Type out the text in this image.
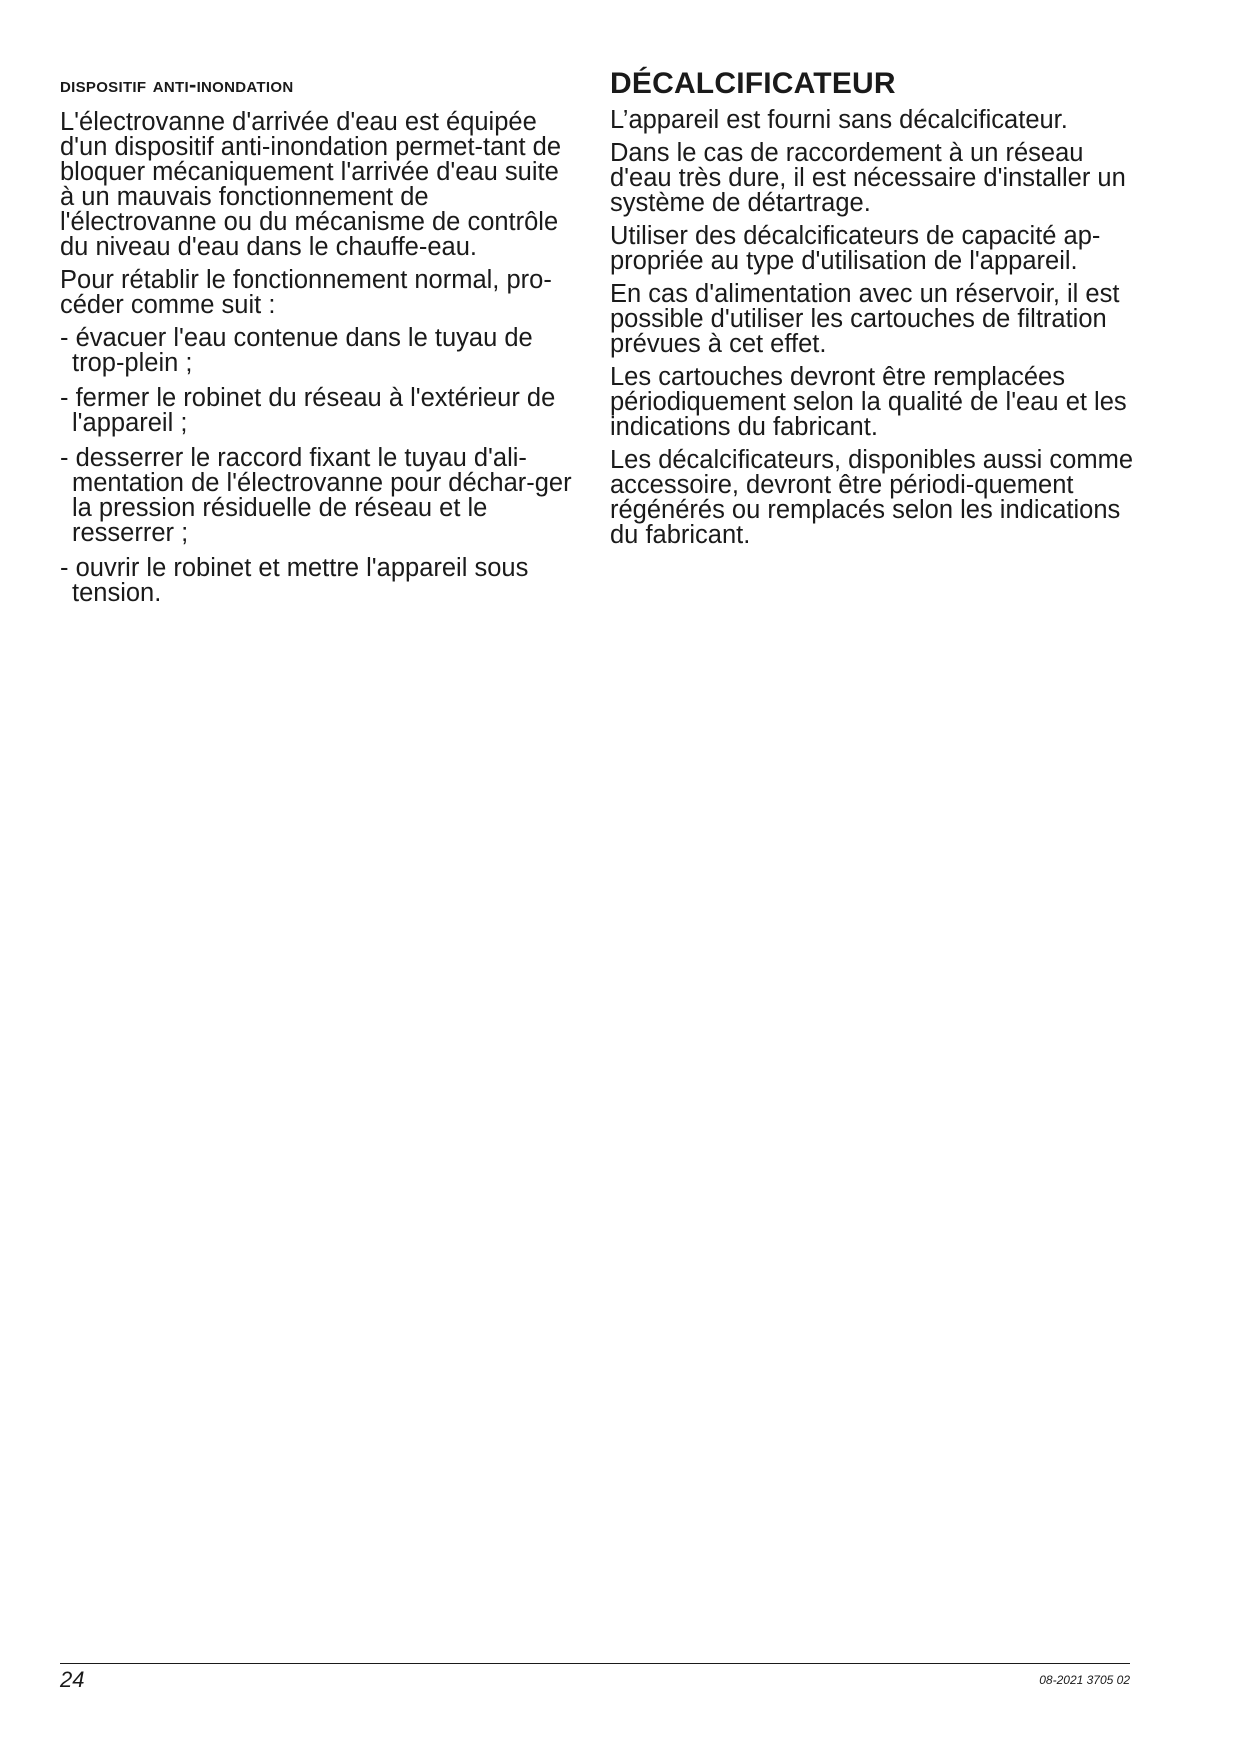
dispositif anti-inondation

L'électrovanne d'arrivée d'eau est équipée d'un dispositif anti-inondation permet-tant de bloquer mécaniquement l'arrivée d'eau suite à un mauvais fonctionnement de l'électrovanne ou du mécanisme de contrôle du niveau d'eau dans le chauffe-eau.

Pour rétablir le fonctionnement normal, pro-céder comme suit :

- évacuer l'eau contenue dans le tuyau de trop-plein ;
- fermer le robinet du réseau à l'extérieur de l'appareil ;
- desserrer le raccord fixant le tuyau d'ali-mentation de l'électrovanne pour déchar-ger la pression résiduelle de réseau et le resserrer ;
- ouvrir le robinet et mettre l'appareil sous tension.
DÉCALCIFICATEUR

L’appareil est fourni sans décalcificateur.

Dans le cas de raccordement à un réseau d'eau très dure, il est nécessaire d'installer un système de détartrage.

Utiliser des décalcificateurs de capacité ap-propriée au type d'utilisation de l'appareil.

En cas d'alimentation avec un réservoir, il est possible d'utiliser les cartouches de filtration prévues à cet effet.

Les cartouches devront être remplacées périodiquement selon la qualité de l'eau et les indications du fabricant.

Les décalcificateurs, disponibles aussi comme accessoire, devront être périodi-quement régénérés ou remplacés selon les indications du fabricant.

24	08-2021 3705 02
